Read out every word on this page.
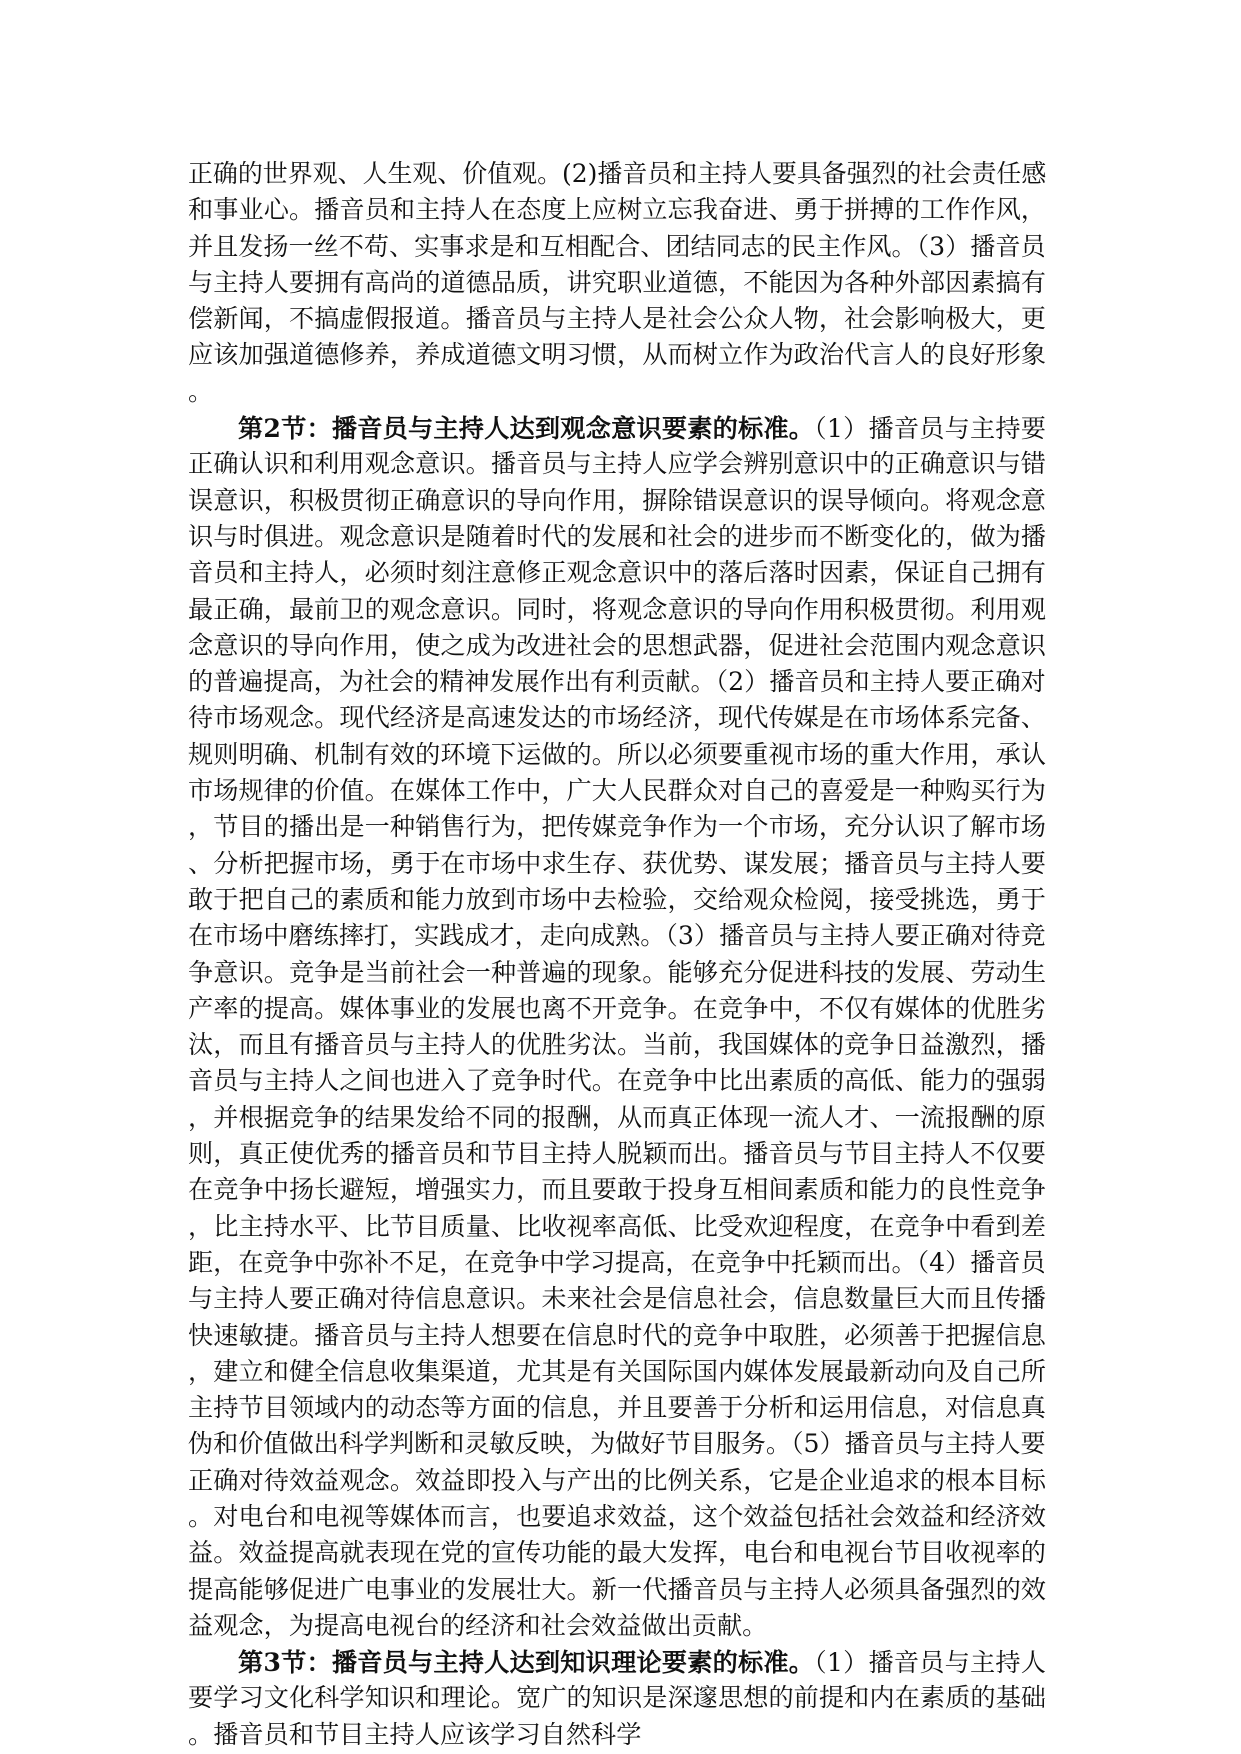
正确的世界观、人生观、价值观。(2)播音员和主持人要具备强烈的社会责任感
和事业心。播音员和主持人在态度上应树立忘我奋进、勇于拼搏的工作作风，
并且发扬一丝不苟、实事求是和互相配合、团结同志的民主作风。（3）播音员
与主持人要拥有高尚的道德品质，讲究职业道德，不能因为各种外部因素搞有
偿新闻，不搞虚假报道。播音员与主持人是社会公众人物，社会影响极大，更
应该加强道德修养，养成道德文明习惯，从而树立作为政治代言人的良好形象
。
第2节：播音员与主持人达到观念意识要素的标准。（1）播音员与主持要
正确认识和利用观念意识。播音员与主持人应学会辨别意识中的正确意识与错
误意识，积极贯彻正确意识的导向作用，摒除错误意识的误导倾向。将观念意
识与时俱进。观念意识是随着时代的发展和社会的进步而不断变化的，做为播
音员和主持人，必须时刻注意修正观念意识中的落后落时因素，保证自己拥有
最正确，最前卫的观念意识。同时，将观念意识的导向作用积极贯彻。利用观
念意识的导向作用，使之成为改进社会的思想武器，促进社会范围内观念意识
的普遍提高，为社会的精神发展作出有利贡献。（2）播音员和主持人要正确对
待市场观念。现代经济是高速发达的市场经济，现代传媒是在市场体系完备、
规则明确、机制有效的环境下运做的。所以必须要重视市场的重大作用，承认
市场规律的价值。在媒体工作中，广大人民群众对自己的喜爱是一种购买行为
，节目的播出是一种销售行为，把传媒竞争作为一个市场，充分认识了解市场
、分析把握市场，勇于在市场中求生存、获优势、谋发展；播音员与主持人要
敢于把自己的素质和能力放到市场中去检验，交给观众检阅，接受挑选，勇于
在市场中磨练摔打，实践成才，走向成熟。（3）播音员与主持人要正确对待竞
争意识。竞争是当前社会一种普遍的现象。能够充分促进科技的发展、劳动生
产率的提高。媒体事业的发展也离不开竞争。在竞争中，不仅有媒体的优胜劣
汰，而且有播音员与主持人的优胜劣汰。当前，我国媒体的竞争日益激烈，播
音员与主持人之间也进入了竞争时代。在竞争中比出素质的高低、能力的强弱
，并根据竞争的结果发给不同的报酬，从而真正体现一流人才、一流报酬的原
则，真正使优秀的播音员和节目主持人脱颖而出。播音员与节目主持人不仅要
在竞争中扬长避短，增强实力，而且要敢于投身互相间素质和能力的良性竞争
，比主持水平、比节目质量、比收视率高低、比受欢迎程度，在竞争中看到差
距，在竞争中弥补不足，在竞争中学习提高，在竞争中托颖而出。（4）播音员
与主持人要正确对待信息意识。未来社会是信息社会，信息数量巨大而且传播
快速敏捷。播音员与主持人想要在信息时代的竞争中取胜，必须善于把握信息
，建立和健全信息收集渠道，尤其是有关国际国内媒体发展最新动向及自己所
主持节目领域内的动态等方面的信息，并且要善于分析和运用信息，对信息真
伪和价值做出科学判断和灵敏反映，为做好节目服务。（5）播音员与主持人要
正确对待效益观念。效益即投入与产出的比例关系，它是企业追求的根本目标
。对电台和电视等媒体而言，也要追求效益，这个效益包括社会效益和经济效
益。效益提高就表现在党的宣传功能的最大发挥，电台和电视台节目收视率的
提高能够促进广电事业的发展壮大。新一代播音员与主持人必须具备强烈的效
益观念，为提高电视台的经济和社会效益做出贡献。
第3节：播音员与主持人达到知识理论要素的标准。（1）播音员与主持人
要学习文化科学知识和理论。宽广的知识是深邃思想的前提和内在素质的基础
。播音员和节目主持人应该学习自然科学
